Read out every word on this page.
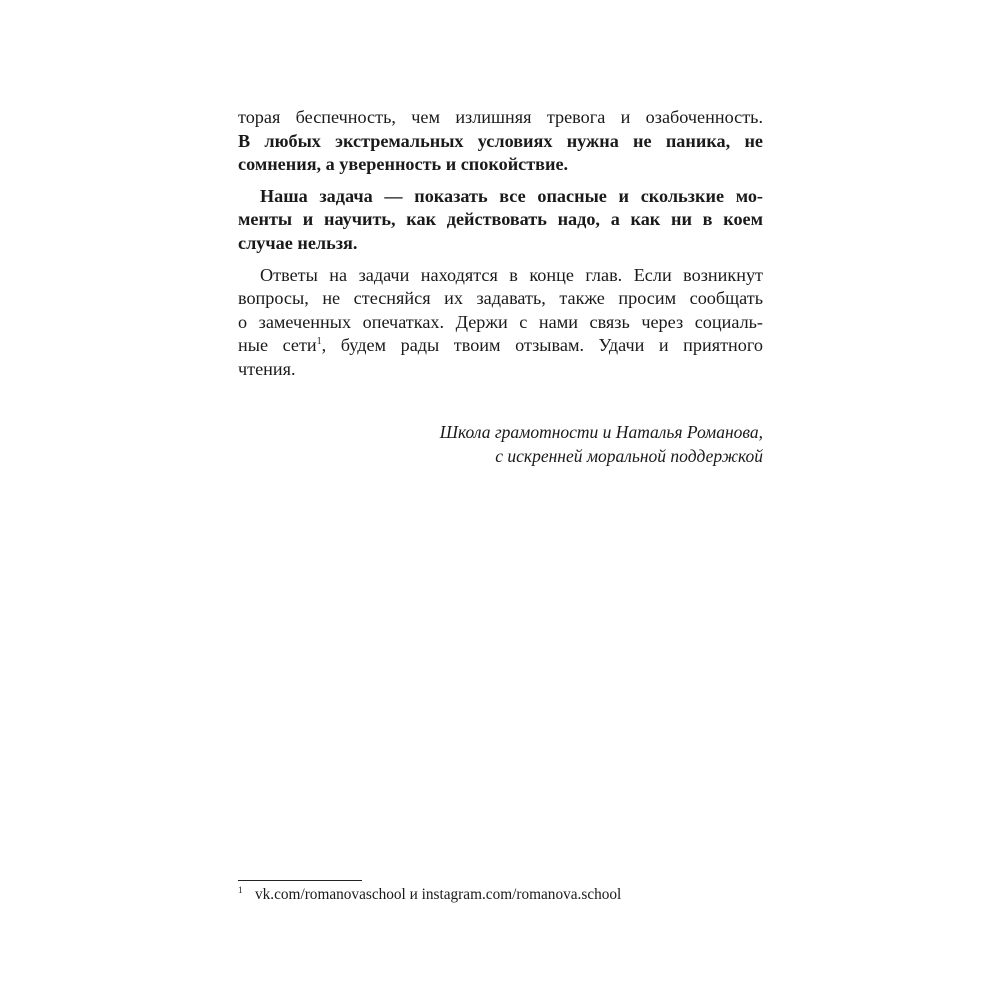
торая беспечность, чем излишняя тревога и озабоченность.
В любых экстремальных условиях нужна не паника, не
сомнения, а уверенность и спокойствие.
Наша задача — показать все опасные и скользкие мо-
менты и научить, как действовать надо, а как ни в коем
случае нельзя.
Ответы на задачи находятся в конце глав. Если возникнут
вопросы, не стесняйся их задавать, также просим сообщать
о замеченных опечатках. Держи с нами связь через социаль-
ные сети$^1$, будем рады твоим отзывам. Удачи и приятного
чтения.
Школа грамотности и Наталья Романова,
с искренней моральной поддержкой
1 vk.com/romanovaschool и instagram.com/romanova.school
